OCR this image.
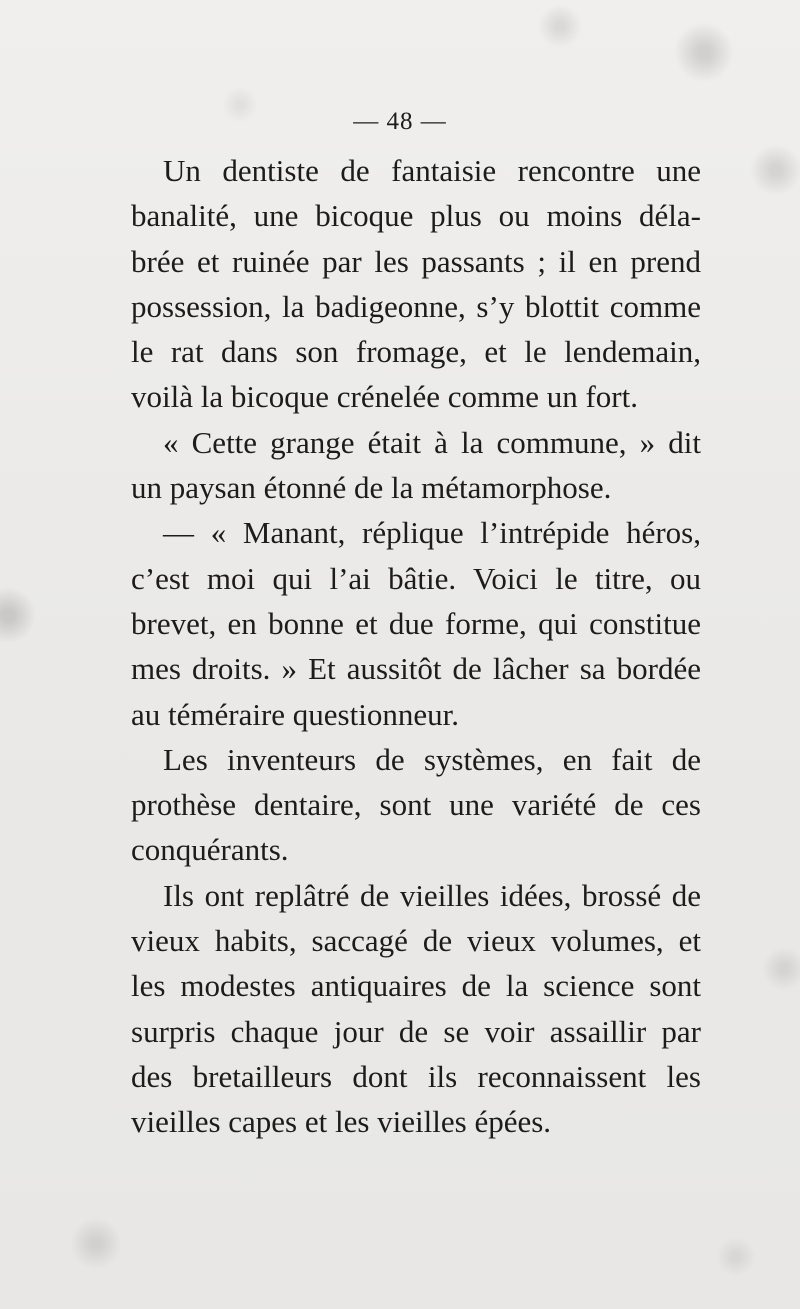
— 48 —
Un dentiste de fantaisie rencontre une
banalité, une bicoque plus ou moins déla-
brée et ruinée par les passants ; il en prend
possession, la badigeonne, s’y blottit comme
le rat dans son fromage, et le lendemain,
voilà la bicoque crénelée comme un fort.
« Cette grange était à la commune, » dit
un paysan étonné de la métamorphose.
— « Manant, réplique l’intrépide héros,
c’est moi qui l’ai bâtie. Voici le titre, ou
brevet, en bonne et due forme, qui constitue
mes droits. » Et aussitôt de lâcher sa bordée
au téméraire questionneur.
Les inventeurs de systèmes, en fait de
prothèse dentaire, sont une variété de ces
conquérants.
Ils ont replâtré de vieilles idées, brossé de
vieux habits, saccagé de vieux volumes, et
les modestes antiquaires de la science sont
surpris chaque jour de se voir assaillir par
des bretailleurs dont ils reconnaissent les
vieilles capes et les vieilles épées.
